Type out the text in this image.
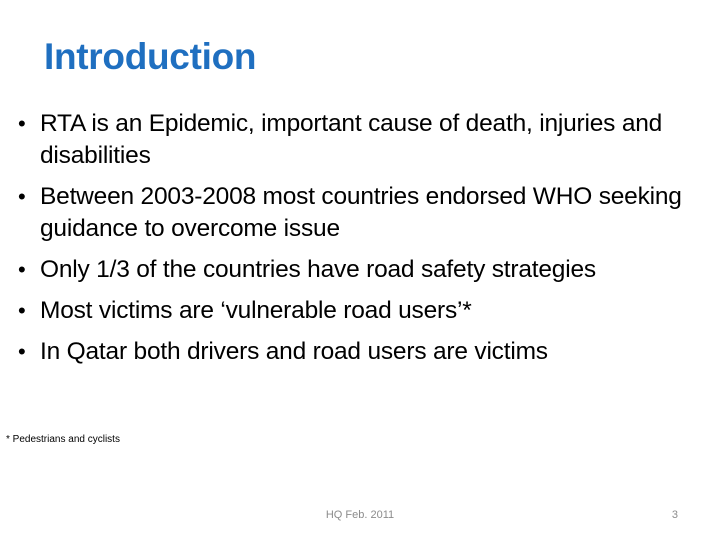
Introduction
• RTA is an Epidemic, important cause of death, injuries and disabilities
• Between 2003-2008 most countries endorsed WHO seeking guidance to overcome issue
• Only 1/3 of the countries have road safety strategies
• Most victims are ‘vulnerable road users’*
• In Qatar both drivers and road users are victims
* Pedestrians and cyclists
HQ Feb. 2011	3
